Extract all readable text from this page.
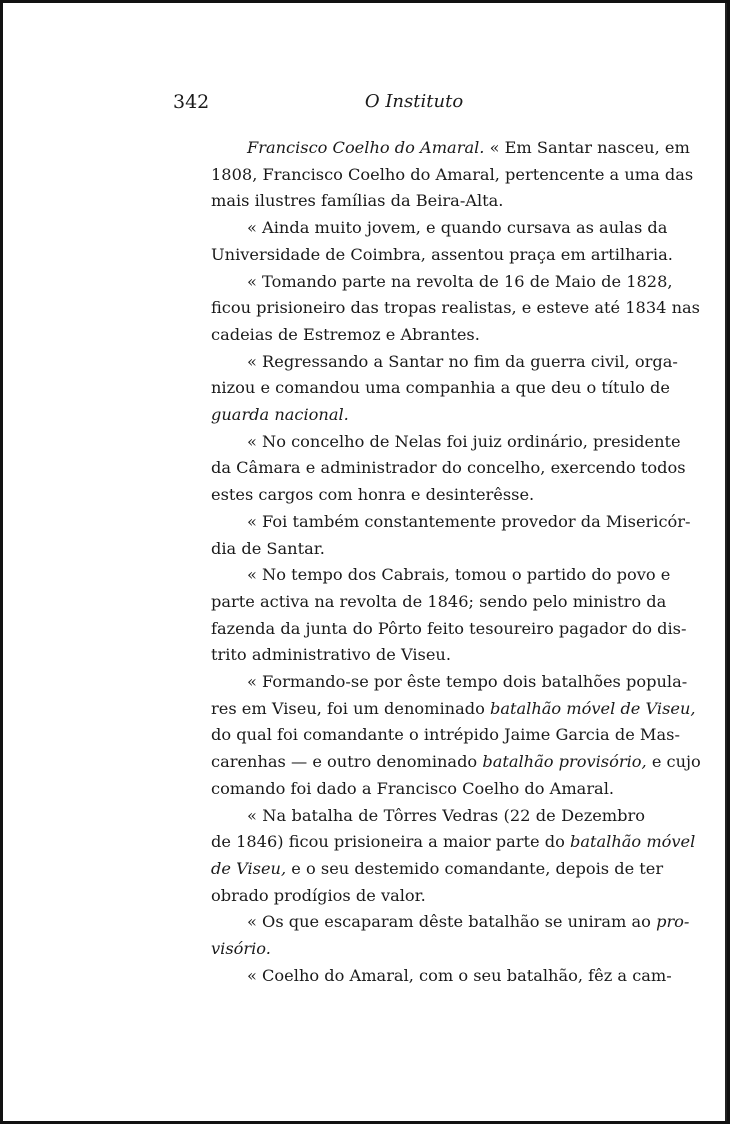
342	O Instituto
Francisco Coelho do Amaral. « Em Santar nasceu, em
1808, Francisco Coelho do Amaral, pertencente a uma das
mais ilustres famílias da Beira-Alta.
« Ainda muito jovem, e quando cursava as aulas da
Universidade de Coimbra, assentou praça em artilharia.
« Tomando parte na revolta de 16 de Maio de 1828,
ficou prisioneiro das tropas realistas, e esteve até 1834 nas
cadeias de Estremoz e Abrantes.
« Regressando a Santar no fim da guerra civil, orga-
nizou e comandou uma companhia a que deu o título de
guarda nacional.
« No concelho de Nelas foi juiz ordinário, presidente
da Câmara e administrador do concelho, exercendo todos
estes cargos com honra e desinterêsse.
« Foi também constantemente provedor da Misericór-
dia de Santar.
« No tempo dos Cabrais, tomou o partido do povo e
parte activa na revolta de 1846; sendo pelo ministro da
fazenda da junta do Pôrto feito tesoureiro pagador do dis-
trito administrativo de Viseu.
« Formando-se por êste tempo dois batalhões popula-
res em Viseu, foi um denominado batalhão móvel de Viseu,
do qual foi comandante o intrépido Jaime Garcia de Mas-
carenhas — e outro denominado batalhão provisório, e cujo
comando foi dado a Francisco Coelho do Amaral.
« Na batalha de Tôrres Vedras (22 de Dezembro
de 1846) ficou prisioneira a maior parte do batalhão móvel
de Viseu, e o seu destemido comandante, depois de ter
obrado prodígios de valor.
« Os que escaparam dêste batalhão se uniram ao pro-
visório.
« Coelho do Amaral, com o seu batalhão, fêz a cam-
